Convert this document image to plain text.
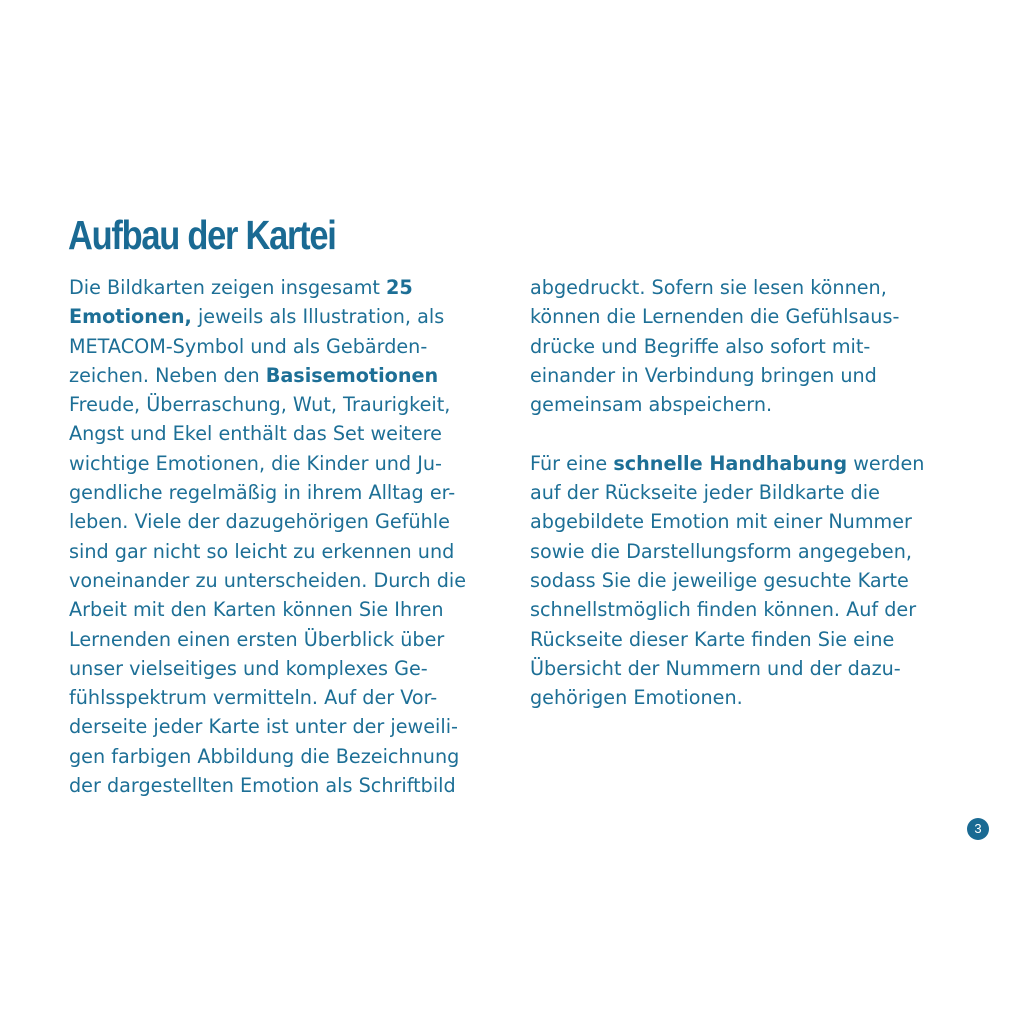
Aufbau der Kartei
Die Bildkarten zeigen insgesamt 25
Emotionen, jeweils als Illustration, als
METACOM-Symbol und als Gebärden-
zeichen. Neben den Basisemotionen
Freude, Überraschung, Wut, Traurigkeit,
Angst und Ekel enthält das Set weitere
wichtige Emotionen, die Kinder und Ju-
gendliche regelmäßig in ihrem Alltag er-
leben. Viele der dazugehörigen Gefühle
sind gar nicht so leicht zu erkennen und
voneinander zu unterscheiden. Durch die
Arbeit mit den Karten können Sie Ihren
Lernenden einen ersten Überblick über
unser vielseitiges und komplexes Ge-
fühlsspektrum vermitteln. Auf der Vor-
derseite jeder Karte ist unter der jeweili-
gen farbigen Abbildung die Bezeichnung
der dargestellten Emotion als Schriftbild
abgedruckt. Sofern sie lesen können,
können die Lernenden die Gefühlsaus-
drücke und Begriffe also sofort mit-
einander in Verbindung bringen und
gemeinsam abspeichern.
Für eine schnelle Handhabung werden
auf der Rückseite jeder Bildkarte die
abgebildete Emotion mit einer Nummer
sowie die Darstellungsform angegeben,
sodass Sie die jeweilige gesuchte Karte
schnellstmöglich finden können. Auf der
Rückseite dieser Karte finden Sie eine
Übersicht der Nummern und der dazu-
gehörigen Emotionen.
3
